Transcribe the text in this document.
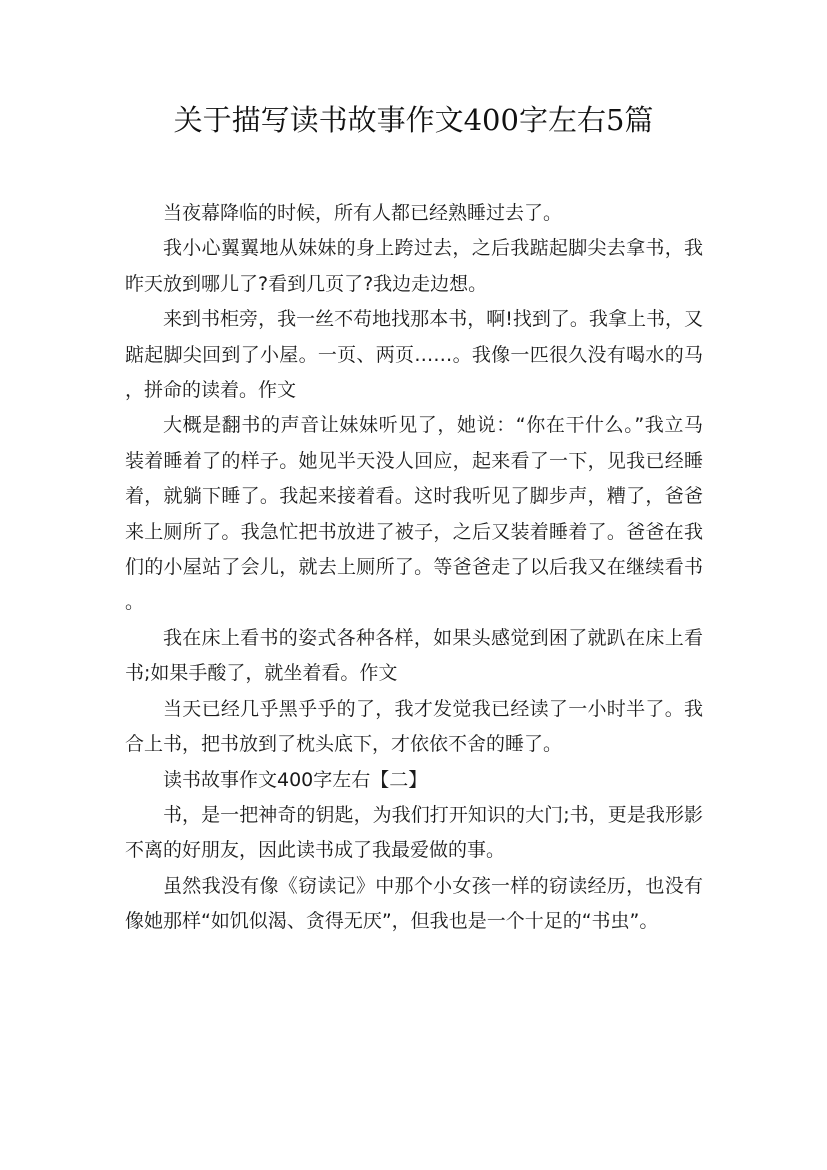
关于描写读书故事作文400字左右5篇

当夜幕降临的时候，所有人都已经熟睡过去了。

我小心翼翼地从妹妹的身上跨过去，之后我踮起脚尖去拿书，我昨天放到哪儿了?看到几页了?我边走边想。

来到书柜旁，我一丝不苟地找那本书，啊!找到了。我拿上书，又踮起脚尖回到了小屋。一页、两页……。我像一匹很久没有喝水的马，拼命的读着。作文

大概是翻书的声音让妹妹听见了，她说：“你在干什么。”我立马装着睡着了的样子。她见半天没人回应，起来看了一下，见我已经睡着，就躺下睡了。我起来接着看。这时我听见了脚步声，糟了，爸爸来上厕所了。我急忙把书放进了被子，之后又装着睡着了。爸爸在我们的小屋站了会儿，就去上厕所了。等爸爸走了以后我又在继续看书。

我在床上看书的姿式各种各样，如果头感觉到困了就趴在床上看书;如果手酸了，就坐着看。作文

当天已经几乎黑乎乎的了，我才发觉我已经读了一小时半了。我合上书，把书放到了枕头底下，才依依不舍的睡了。

读书故事作文400字左右【二】

书，是一把神奇的钥匙，为我们打开知识的大门;书，更是我形影不离的好朋友，因此读书成了我最爱做的事。

虽然我没有像《窃读记》中那个小女孩一样的窃读经历，也没有像她那样“如饥似渴、贪得无厌”，但我也是一个十足的“书虫”。
